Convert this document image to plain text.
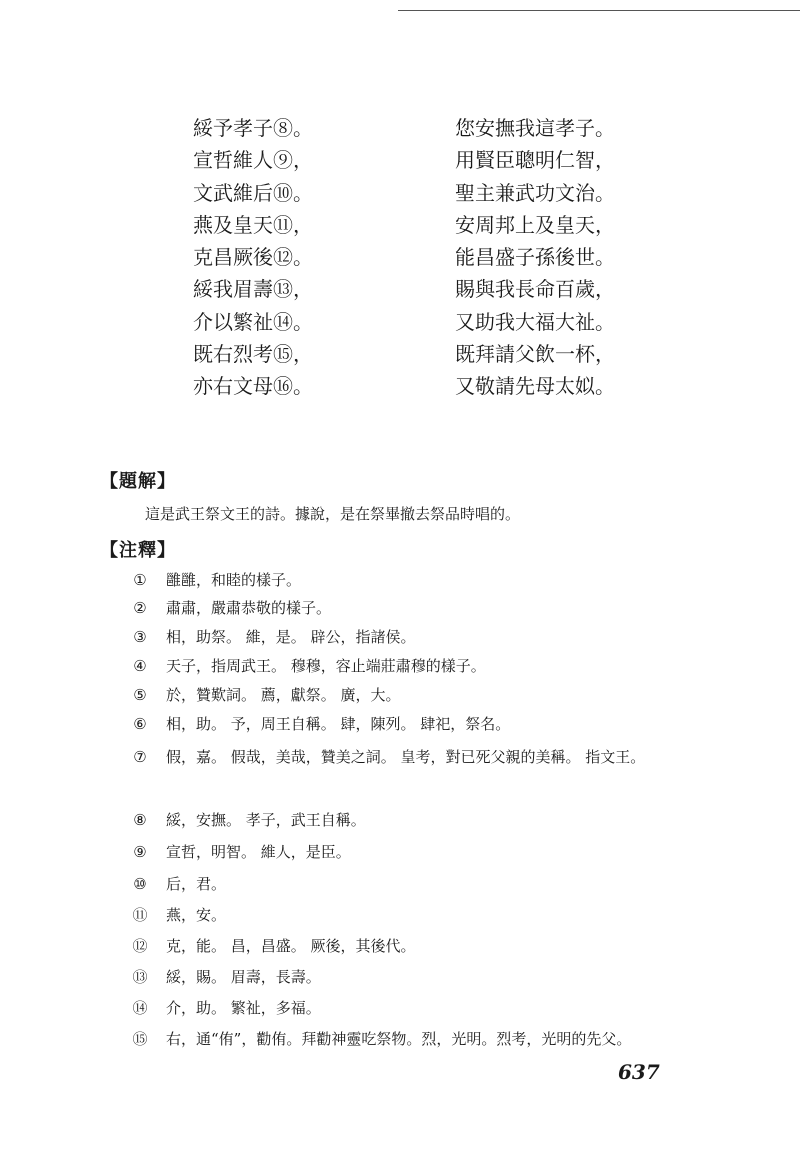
綏予孝子⑧。	您安撫我這孝子。
宣哲維人⑨，	用賢臣聰明仁智，
文武維后⑩。	聖主兼武功文治。
燕及皇天⑪，	安周邦上及皇天，
克昌厥後⑫。	能昌盛子孫後世。
綏我眉壽⑬，	賜與我長命百歲，
介以繁祉⑭。	又助我大福大祉。
既右烈考⑮，	既拜請父飲一杯，
亦右文母⑯。	又敬請先母太姒。
【題解】
這是武王祭文王的詩。據說，是在祭畢撤去祭品時唱的。
【注釋】
① 雝雝，和睦的樣子。
② 肅肅，嚴肅恭敬的樣子。
③ 相，助祭。 維，是。 辟公，指諸侯。
④ 天子，指周武王。 穆穆，容止端莊肅穆的樣子。
⑤ 於，贊歎詞。 薦，獻祭。 廣，大。
⑥ 相，助。 予，周王自稱。 肆，陳列。 肆祀，祭名。
⑦ 假，嘉。 假哉，美哉，贊美之詞。 皇考，對已死父親的美稱。 指文王。
⑧ 綏，安撫。 孝子，武王自稱。
⑨ 宣哲，明智。 維人，是臣。
⑩ 后，君。
⑪ 燕，安。
⑫ 克，能。 昌，昌盛。 厥後，其後代。
⑬ 綏，賜。 眉壽，長壽。
⑭ 介，助。 繁祉，多福。
⑮ 右，通“侑”，勸侑。拜勸神靈吃祭物。烈，光明。烈考，光明的先父。
637
